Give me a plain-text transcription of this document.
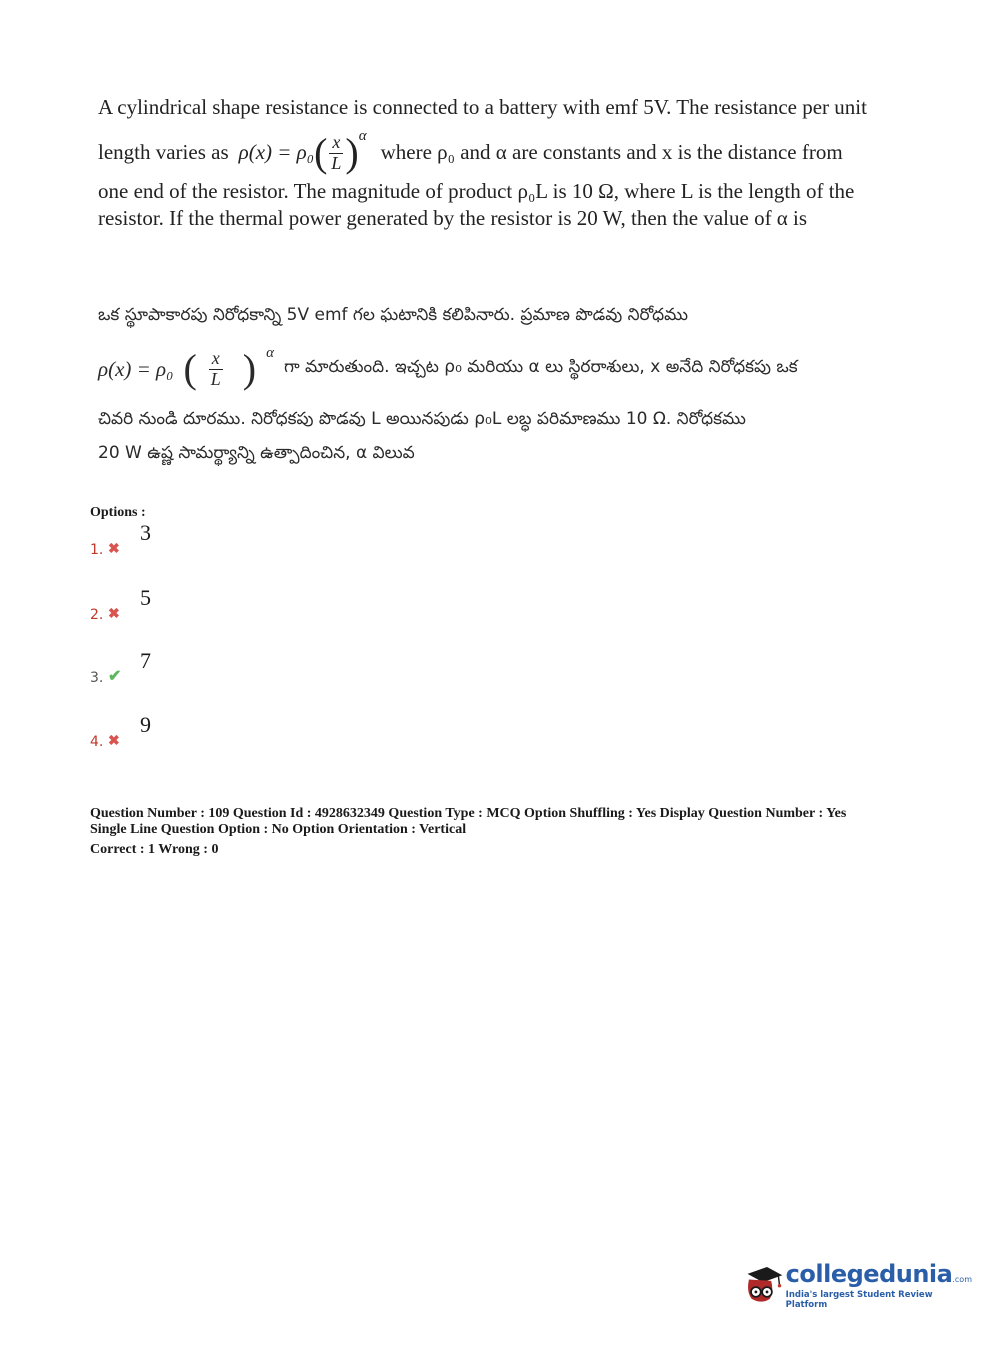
A cylindrical shape resistance is connected to a battery with emf 5V. The resistance per unit
length varies as ρ(x) = ρ₀ ( $\frac{x}{L} )^\alpha$
where ρ₀ and α are constants and x is the distance from
one end of the resistor. The magnitude of product ρ₀L is 10 Ω, where L is the length of the
resistor. If the thermal power generated by the resistor is 20 W, then the value of α is
ఒక స్థూపాకారపు నిరోధకాన్ని 5V emf గల ఘటానికి కలిపినారు. ప్రమాణ పొడవు నిరోధము
ρ(x) = ρ₀ ( $\frac{x}{L}$ ) $^\alpha$
గా మారుతుంది. ఇచ్చట ρ₀ మరియు α లు స్థిరరాశులు, x అనేది నిరోధకపు ఒక
చివరి నుండి దూరము. నిరోధకపు పొడవు L అయినపుడు ρ₀L లబ్ధ పరిమాణము 10 Ω. నిరోధకము
20 W ఉష్ణ సామర్థ్యాన్ని ఉత్పాదించిన, α విలువ
Options :
1. ✖
3
2. ✖
5
3. ✔
7
4. ✖
9
Question Number : 109 Question Id : 4928632349 Question Type : MCQ Option Shuffling : Yes Display Question Number : Yes
Single Line Question Option : No Option Orientation : Vertical
Correct : 1 Wrong : 0
collegedunia.com
India's largest Student Review Platform
